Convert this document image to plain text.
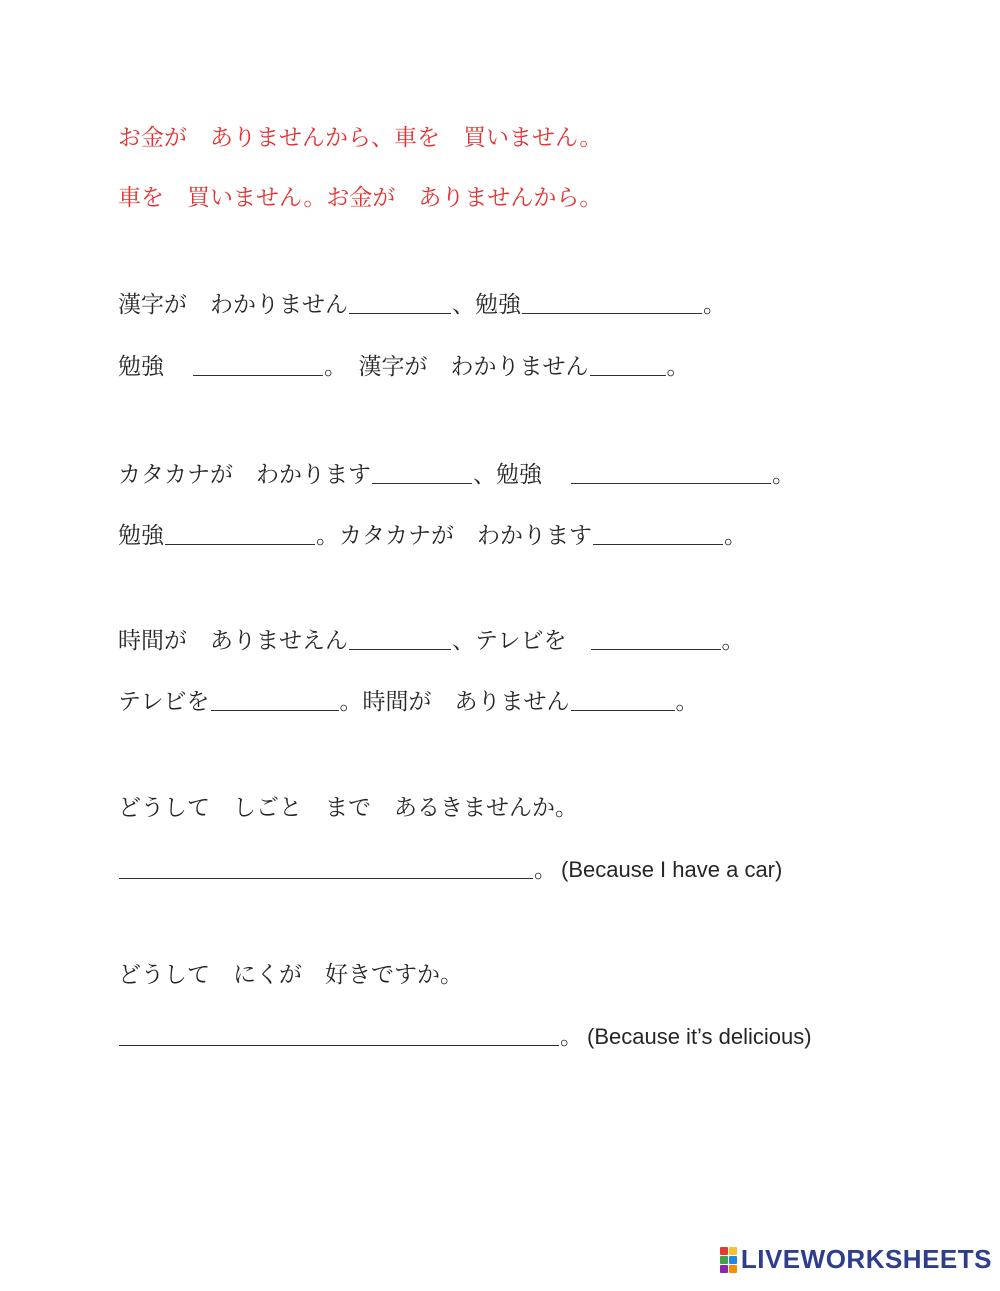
お金が　ありませんから、車を　買いません。
車を　買いません。お金が　ありませんから。
漢字が　わかりません	、勉強	。
勉強　	。　漢字が　わかりません	。
カタカナが　わかります	、勉強　	。
勉強	。カタカナが　わかります	。
時間が　ありませえん	、テレビを　	。
テレビを	。時間が　ありません	。
どうして　しごと　まで　あるきませんか。
。 (Because I have a car)
どうして　にくが　好きですか。
。 (Because it’s delicious)
LIVEWORKSHEETS
